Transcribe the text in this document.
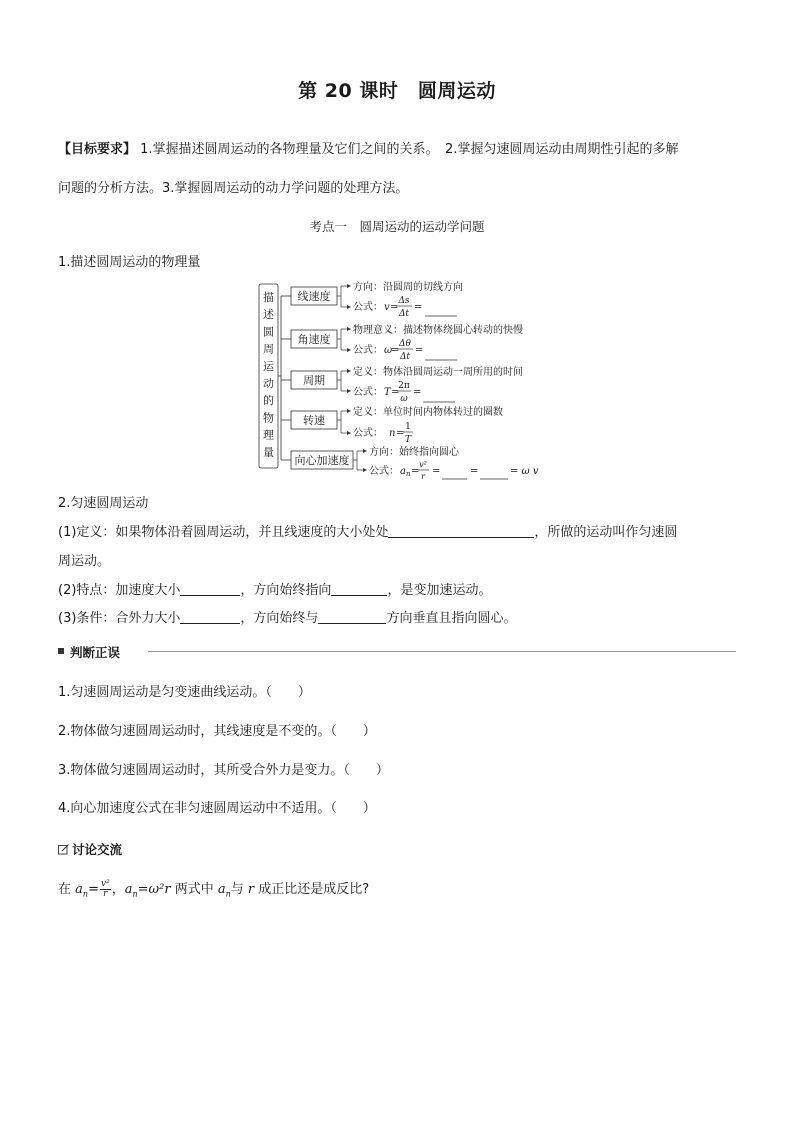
第 20 课时　圆周运动
【目标要求】 1.掌握描述圆周运动的各物理量及它们之间的关系。　2.掌握匀速圆周运动由周期性引起的多解
问题的分析方法。3.掌握圆周运动的动力学问题的处理方法。
考点一　圆周运动的运动学问题
1.描述圆周运动的物理量
描
述
圆
周
运
动
的
物
理
量
线速度
角速度
周期
转速
向心加速度
方向：沿圆周的切线方向
公式： v =
Δs
Δt
=
物理意义：描述物体绕圆心转动的快慢
公式： ω
=
Δθ
Δt
=
定义：物体沿圆周运动一周所用的时间
公式： T =
2π
ω
=
定义：单位时间内物体转过的圈数
公式： n =
1
T
方向：始终指向圆心
公式： a n =
v²
r =	=	= ω v
2.匀速圆周运动
(1)定义：如果物体沿着圆周运动，并且线速度的大小处处	，所做的运动叫作匀速圆
周运动。
(2)特点：加速度大小	，方向始终指向	，是变加速运动。
(3)条件：合外力大小	，方向始终与	方向垂直且指向圆心。
判断正误
1.匀速圆周运动是匀变速曲线运动。（　　）
2.物体做匀速圆周运动时，其线速度是不变的。（　　）
3.物体做匀速圆周运动时，其所受合外力是变力。（　　）
4.向心加速度公式在非匀速圆周运动中不适用。（　　）
讨论交流
在 $a_n= \frac{\text{v²}}{r}$ ，$a_n=\omega^2r$ 两式中 $a_n$与 r 成正比还是成反比?
